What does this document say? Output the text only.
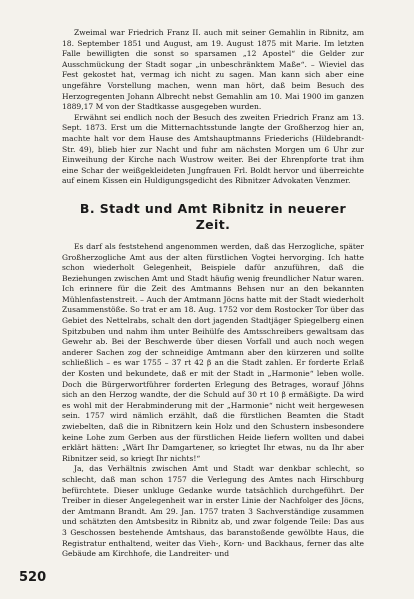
Zweimal war Friedrich Franz II. auch mit seiner Gemahlin in Ribnitz, am 18. September 1851 und August, am 19. August 1875 mit Marie. Im letzten Falle bewilligten die sonst so sparsamen „12 Apostel“ die Gelder zur Ausschmückung der Stadt sogar „in unbeschränktem Maße“. – Wieviel das Fest gekostet hat, vermag ich nicht zu sagen. Man kann sich aber eine ungefähre Vorstellung machen, wenn man hört, daß beim Besuch des Herzogregenten Johann Albrecht nebst Gemahlin am 10. Mai 1900 im ganzen 1889,17 M von der Stadtkasse ausgegeben wurden.

Erwähnt sei endlich noch der Besuch des zweiten Friedrich Franz am 13. Sept. 1873. Erst um die Mitternachtsstunde langte der Großherzog hier an, machte halt vor dem Hause des Amtshauptmanns Friederichs (Hildebrandt-Str. 49), blieb hier zur Nacht und fuhr am nächsten Morgen um 6 Uhr zur Einweihung der Kirche nach Wustrow weiter. Bei der Ehrenpforte trat ihm eine Schar der weißgekleideten Jungfrauen Frl. Boldt hervor und überreichte auf einem Kissen ein Huldigungsgedicht des Ribnitzer Advokaten Venzmer.

B. Stadt und Amt Ribnitz in neuerer Zeit.

Es darf als feststehend angenommen werden, daß das Herzogliche, später Großherzogliche Amt aus der alten fürstlichen Vogtei hervorging. Ich hatte schon wiederholt Gelegenheit, Beispiele dafür anzuführen, daß die Beziehungen zwischen Amt und Stadt häufig wenig freundlicher Natur waren. Ich erinnere für die Zeit des Amtmanns Behsen nur an den bekannten Mühlenfastenstreit. – Auch der Amtmann Jöcns hatte mit der Stadt wiederholt Zusammenstöße. So trat er am 18. Aug. 1752 vor dem Rostocker Tor über das Gebiet des Nettelrabs, schalt den dort jagenden Stadtjäger Spiegelberg einen Spitzbuben und nahm ihm unter Beihülfe des Amtsschreibers gewaltsam das Gewehr ab. Bei der Beschwerde über diesen Vorfall und auch noch wegen anderer Sachen zog der schneidige Amtmann aber den kürzeren und sollte schließlich – es war 1755 – 37 rt 42 β an die Stadt zahlen. Er forderte Erlaß der Kosten und bekundete, daß er mit der Stadt in „Harmonie“ leben wolle. Doch die Bürgerwortführer forderten Erlegung des Betrages, worauf Jöhns sich an den Herzog wandte, der die Schuld auf 30 rt 10 β ermäßigte. Da wird es wohl mit der Herabminderung mit der „Harmonie“ nicht weit hergewesen sein. 1757 wird nämlich erzählt, daß die fürstlichen Beamten die Stadt zwiebelten, daß die in Ribnitzern kein Holz und den Schustern insbesondere keine Lohe zum Gerben aus der fürstlichen Heide liefern wollten und dabei erklärt hätten: „Wärt Ihr Damgartener, so kriegtet Ihr etwas, nu da Ihr aber Ribnitzer seid, so kriegt Ihr nichts!“

Ja, das Verhältnis zwischen Amt und Stadt war denkbar schlecht, so schlecht, daß man schon 1757 die Verlegung des Amtes nach Hirschburg befürchtete. Dieser unkluge Gedanke wurde tatsächlich durchgeführt. Der Treiber in dieser Angelegenheit war in erster Linie der Nachfolger des Jöcns, der Amtmann Brandt. Am 29. Jan. 1757 traten 3 Sachverständige zusammen und schätzten den Amtsbesitz in Ribnitz ab, und zwar folgende Teile: Das aus 3 Geschossen bestehende Amtshaus, das baranstoßende gewölbte Haus, die Registratur enthaltend, weiter das Vieh-, Korn- und Backhaus, ferner das alte Gebäude am Kirchhofe, die Landreiter- und

520
